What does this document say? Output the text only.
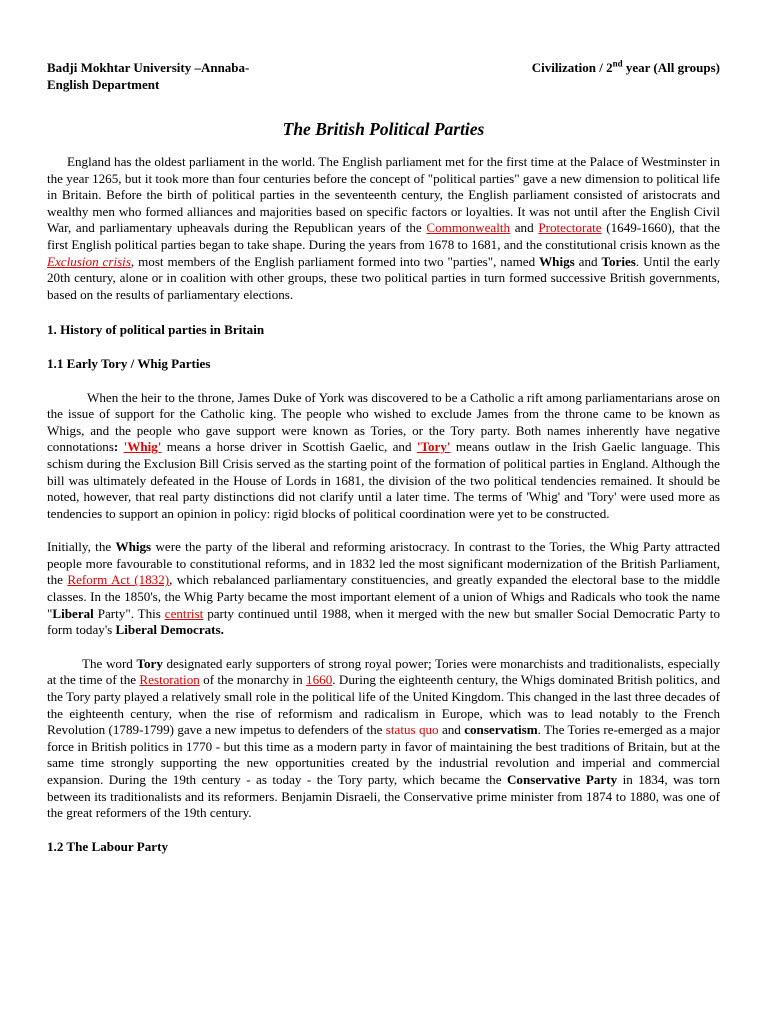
Badji Mokhtar University –Annaba-
English Department
Civilization / 2nd year (All groups)
The British Political Parties

England has the oldest parliament in the world. The English parliament met for the first time at the Palace of Westminster in the year 1265, but it took more than four centuries before the concept of "political parties" gave a new dimension to political life in Britain. Before the birth of political parties in the seventeenth century, the English parliament consisted of aristocrats and wealthy men who formed alliances and majorities based on specific factors or loyalties. It was not until after the English Civil War, and parliamentary upheavals during the Republican years of the Commonwealth and Protectorate (1649-1660), that the first English political parties began to take shape. During the years from 1678 to 1681, and the constitutional crisis known as the Exclusion crisis, most members of the English parliament formed into two "parties", named Whigs and Tories. Until the early 20th century, alone or in coalition with other groups, these two political parties in turn formed successive British governments, based on the results of parliamentary elections.

1. History of political parties in Britain
1.1 Early Tory / Whig Parties

When the heir to the throne, James Duke of York was discovered to be a Catholic a rift among parliamentarians arose on the issue of support for the Catholic king. The people who wished to exclude James from the throne came to be known as Whigs, and the people who gave support were known as Tories, or the Tory party. Both names inherently have negative connotations: 'Whig' means a horse driver in Scottish Gaelic, and 'Tory' means outlaw in the Irish Gaelic language. This schism during the Exclusion Bill Crisis served as the starting point of the formation of political parties in England. Although the bill was ultimately defeated in the House of Lords in 1681, the division of the two political tendencies remained. It should be noted, however, that real party distinctions did not clarify until a later time. The terms of 'Whig' and 'Tory' were used more as tendencies to support an opinion in policy: rigid blocks of political coordination were yet to be constructed.

Initially, the Whigs were the party of the liberal and reforming aristocracy. In contrast to the Tories, the Whig Party attracted people more favourable to constitutional reforms, and in 1832 led the most significant modernization of the British Parliament, the Reform Act (1832), which rebalanced parliamentary constituencies, and greatly expanded the electoral base to the middle classes. In the 1850's, the Whig Party became the most important element of a union of Whigs and Radicals who took the name "Liberal Party". This centrist party continued until 1988, when it merged with the new but smaller Social Democratic Party to form today's Liberal Democrats.

The word Tory designated early supporters of strong royal power; Tories were monarchists and traditionalists, especially at the time of the Restoration of the monarchy in 1660. During the eighteenth century, the Whigs dominated British politics, and the Tory party played a relatively small role in the political life of the United Kingdom. This changed in the last three decades of the eighteenth century, when the rise of reformism and radicalism in Europe, which was to lead notably to the French Revolution (1789-1799) gave a new impetus to defenders of the status quo and conservatism. The Tories re-emerged as a major force in British politics in 1770 - but this time as a modern party in favor of maintaining the best traditions of Britain, but at the same time strongly supporting the new opportunities created by the industrial revolution and imperial and commercial expansion. During the 19th century - as today - the Tory party, which became the Conservative Party in 1834, was torn between its traditionalists and its reformers. Benjamin Disraeli, the Conservative prime minister from 1874 to 1880, was one of the great reformers of the 19th century.

1.2 The Labour Party
